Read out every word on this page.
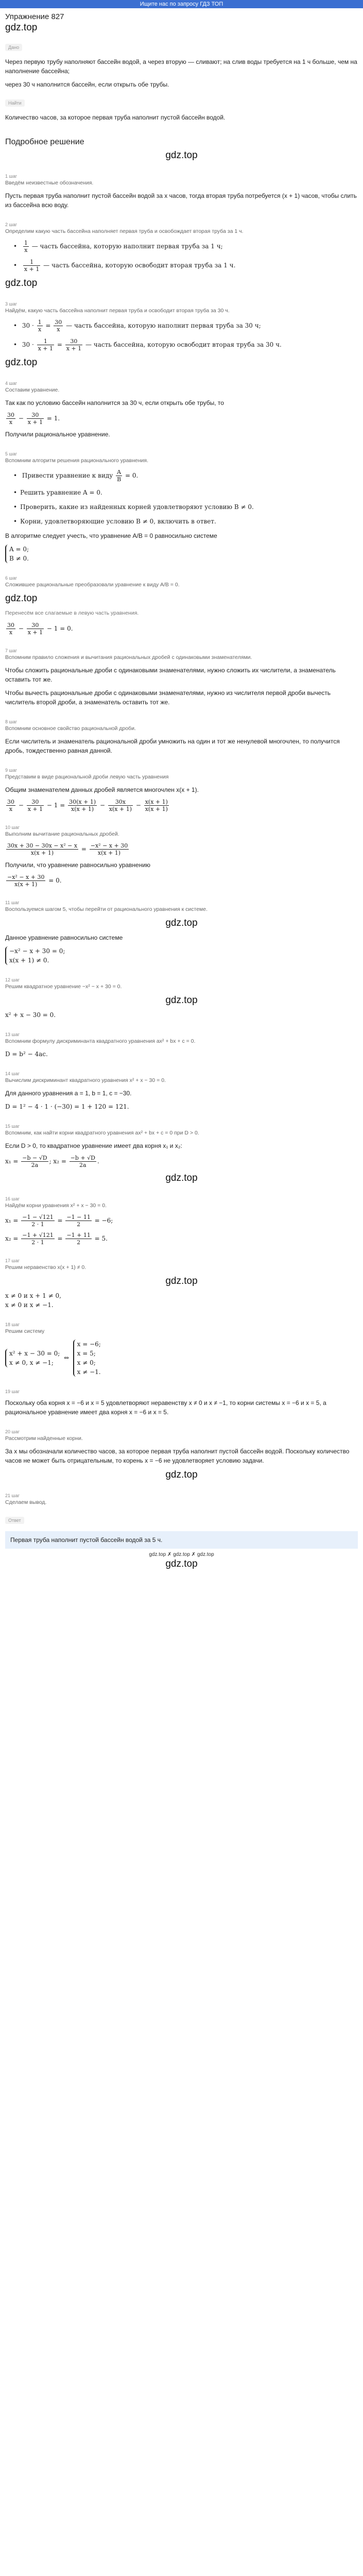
Ищите нас по запросу ГДЗ ТОП
Упражнение 827
gdz.top
Дано

Через первую трубу наполняют бассейн водой, а через вторую — сливают; на слив воды требуется на 1 ч больше, чем на наполнение бассейна;

через 30 ч наполнится бассейн, если открыть обе трубы.

Найти

Количество часов, за которое первая труба наполнит пустой бассейн водой.

Подробное решение
gdz.top
1 шаг
Введём неизвестные обозначения.

Пусть первая труба наполнит пустой бассейн водой за x часов, тогда вторая труба потребуется (x + 1) часов, чтобы слить из бассейна всю воду.

2 шаг
Определим какую часть бассейна наполняет первая труба и освобождает вторая труба за 1 ч.

• $\frac{1}{x}$ — часть бассейна, которую наполнит первая труба за 1 ч;

• $\frac{1}{x + 1}$ — часть бассейна, которую освободит вторая труба за 1 ч.
gdz.top
3 шаг
Найдём, какую часть бассейна наполнит первая труба и освободит вторая труба за 30 ч.
• $30 \cdot \frac{1}{x} = \frac{30}{x}$ — часть бассейна, которую наполнит первая труба за 30 ч;
• $30 \cdot \frac{1}{x + 1} = \frac{30}{x + 1}$ — часть бассейна, которую освободит вторая труба за 30 ч.
gdz.top
4 шаг
Составим уравнение.

Так как по условию бассейн наполнится за 30 ч, если открыть обе трубы, то

$\frac{30}{x} - \frac{30}{x + 1} = 1$.

Получили рациональное уравнение.

5 шаг
Вспомним алгоритм решения рационального уравнения.
• Привести уравнение к виду $\frac{A}{B} = 0$.
• Решить уравнение A = 0.
• Проверить, какие из найденных корней удовлетворяют условию B ≠ 0.
• Корни, удовлетворяющие условию B ≠ 0, включить в ответ.

В алгоритме следует учесть, что уравнение A/B = 0 равносильно системе

A = 0;
B ≠ 0.
6 шаг
Сложившее рациональные преобразовали уравнение к виду A/B = 0.
gdz.top

Перенесём все слагаемые в левую часть уравнения.

$\frac{30}{x} - \frac{30}{x + 1} - 1 = 0$.
7 шаг
Вспомним правило сложения и вычитания рациональных дробей с одинаковыми знаменателями.

Чтобы сложить рациональные дроби с одинаковыми знаменателями, нужно сложить их числители, а знаменатель оставить тот же.

Чтобы вычесть рациональные дроби с одинаковыми знаменателями, нужно из числителя первой дроби вычесть числитель второй дроби, а знаменатель оставить тот же.

8 шаг
Вспомним основное свойство рациональной дроби.

Если числитель и знаменатель рациональной дроби умножить на один и тот же ненулевой многочлен, то получится дробь, тождественно равная данной.

9 шаг
Представим в виде рациональной дроби левую часть уравнения

Общим знаменателем данных дробей является многочлен x(x + 1).

$\frac{30}{x} - \frac{30}{x + 1} - 1 = \frac{30(x + 1)}{x(x + 1)} - \frac{30x}{x(x + 1)} - \frac{x(x + 1)}{x(x + 1)}$
10 шаг
Выполним вычитание рациональных дробей.
$\frac{\text{30x + 30 − 30x − x² − x}}{x(x + 1)} = \frac{\text{−x² − x + 30}}{x(x + 1)}$

Получили, что уравнение равносильно уравнению

$\frac{\text{−x² − x + 30}}{x(x + 1)} = 0$.
11 шаг
Воспользуемся шагом 5, чтобы перейти от рационального уравнения к системе.
gdz.top

Данное уравнение равносильно системе

−x² − x + 30 = 0;
x(x + 1) ≠ 0.
12 шаг
Решим квадратное уравнение −x² − x + 30 = 0.
gdz.top
x² + x − 30 = 0.
13 шаг
Вспомним формулу дискриминанта квадратного уравнения ax² + bx + c = 0.
D = b² − 4ac.
14 шаг
Вычислим дискриминант квадратного уравнения x² + x − 30 = 0.

Для данного уравнения a = 1, b = 1, c = −30.

D = 1² − 4 · 1 · (−30) = 1 + 120 = 121.
15 шаг
Вспомним, как найти корни квадратного уравнения ax² + bx + c = 0 при D > 0.

Если D > 0, то квадратное уравнение имеет два корня x₁ и x₂:

$x_1 = \frac{-b - √D}{2a}$ ; $x_2 = \frac{-b + √D}{2a}$ .
gdz.top
16 шаг
Найдём корни уравнения x² + x − 30 = 0.
$x_1 = \frac{-1 - √121}{2 \cdot 1} = \frac{-1 - 11}{2} = -6$;
$x_2 = \frac{-1 + √121}{2 \cdot 1} = \frac{-1 + 11}{2} = 5$.
17 шаг
Решим неравенство x(x + 1) ≠ 0.
gdz.top
x ≠ 0 и x + 1 ≠ 0,
x ≠ 0 и x ≠ −1.
18 шаг
Решим систему
x² + x − 30 = 0;
x ≠ 0, x ≠ −1;  ⇔  x = −6;
x = 5;
x ≠ 0;
x ≠ −1.
19 шаг

Поскольку оба корня x = −6 и x = 5 удовлетворяют неравенству x ≠ 0 и x ≠ −1, то корни системы x = −6 и x = 5, а рациональное уравнение имеет два корня x = −6 и x = 5.

20 шаг
Рассмотрим найденные корни.

За x мы обозначали количество часов, за которое первая труба наполнит пустой бассейн водой. Поскольку количество часов не может быть отрицательным, то корень x = −6 не удовлетворяет условию задачи.

gdz.top
21 шаг
Сделаем вывод.
Ответ
Первая труба наполнит пустой бассейн водой за 5 ч.
gdz.top ✗ gdz.top ✗ gdz.top
gdz.top
